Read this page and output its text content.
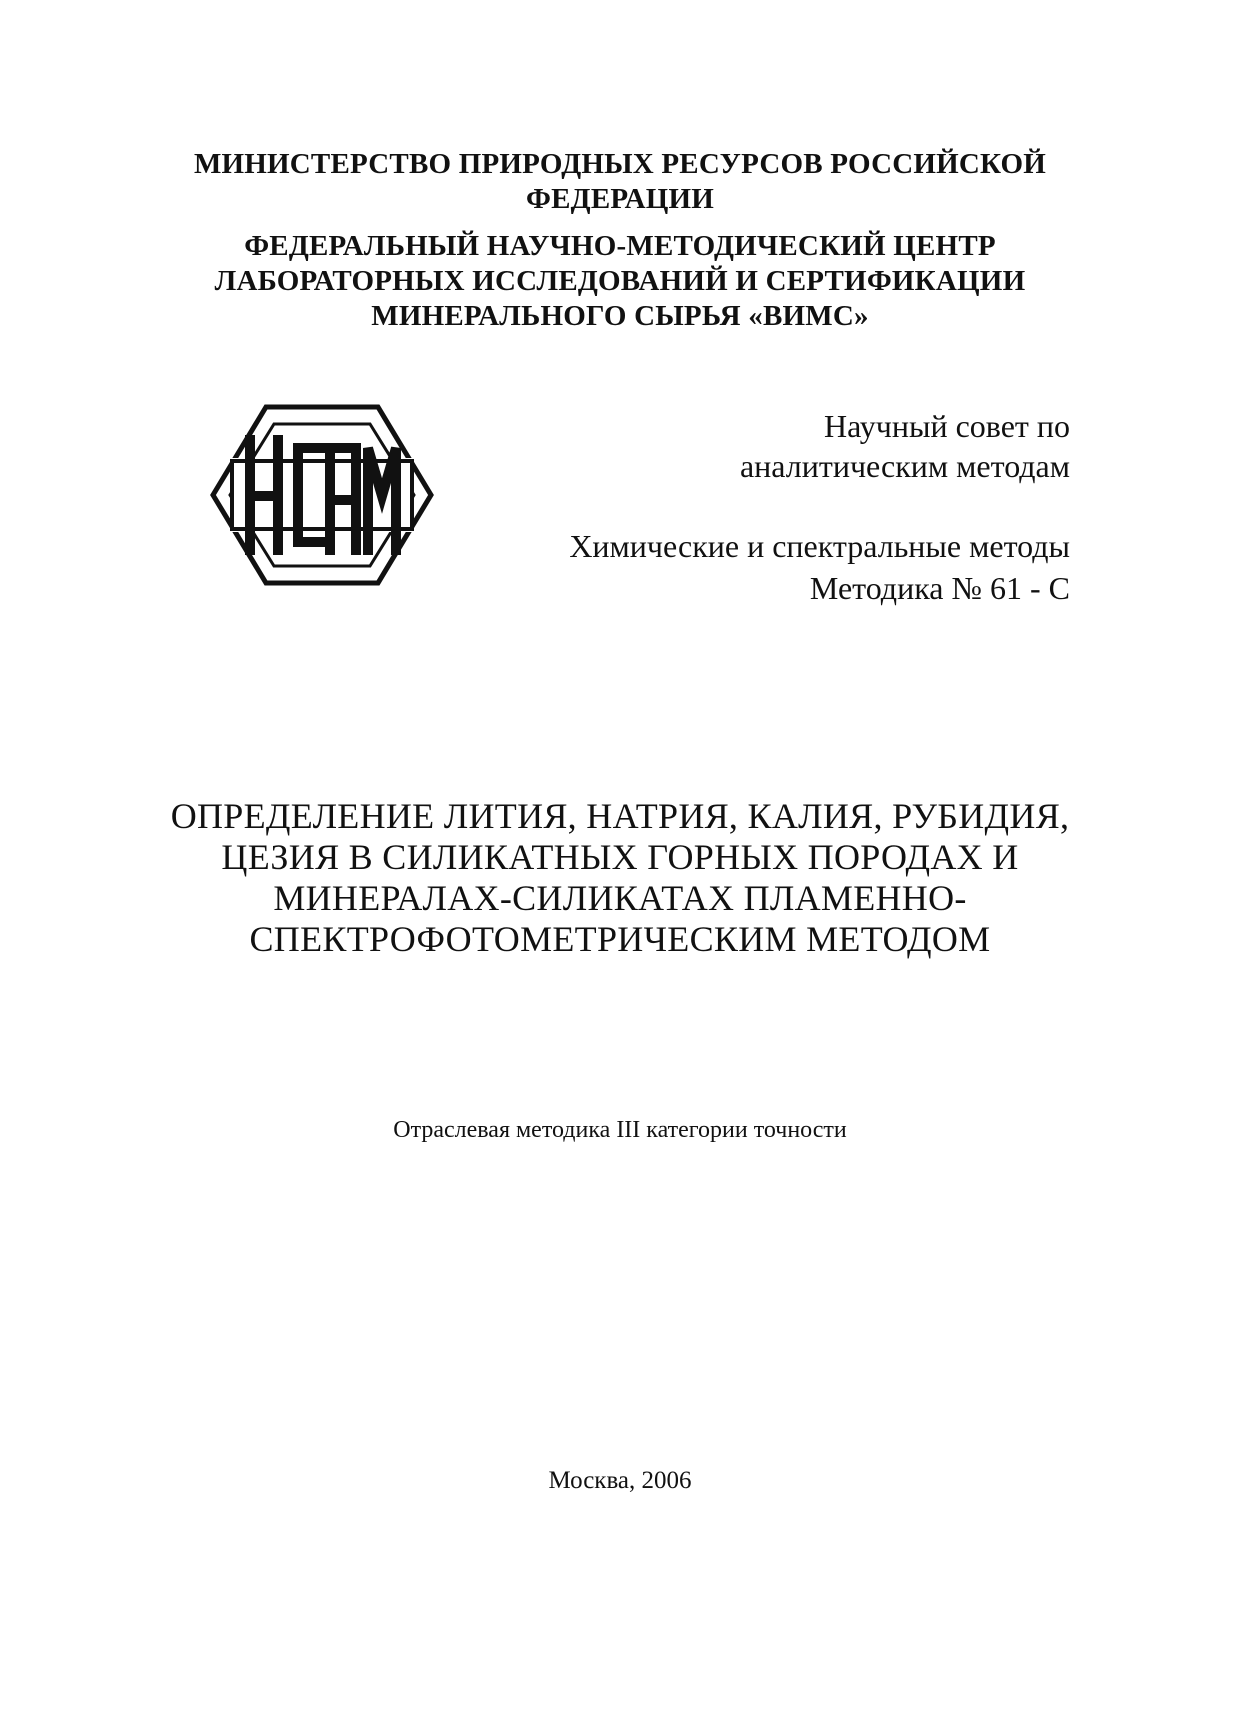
МИНИСТЕРСТВО ПРИРОДНЫХ РЕСУРСОВ РОССИЙСКОЙ
ФЕДЕРАЦИИ
ФЕДЕРАЛЬНЫЙ НАУЧНО-МЕТОДИЧЕСКИЙ ЦЕНТР
ЛАБОРАТОРНЫХ ИССЛЕДОВАНИЙ И СЕРТИФИКАЦИИ
МИНЕРАЛЬНОГО СЫРЬЯ «ВИМС»
Научный совет по
аналитическим методам
Химические и спектральные методы
Методика № 61 - С
ОПРЕДЕЛЕНИЕ ЛИТИЯ, НАТРИЯ, КАЛИЯ, РУБИДИЯ,
ЦЕЗИЯ В СИЛИКАТНЫХ ГОРНЫХ ПОРОДАХ И
МИНЕРАЛАХ-СИЛИКАТАХ ПЛАМЕННО-
СПЕКТРОФОТОМЕТРИЧЕСКИМ МЕТОДОМ
Отраслевая методика III категории точности
Москва, 2006
